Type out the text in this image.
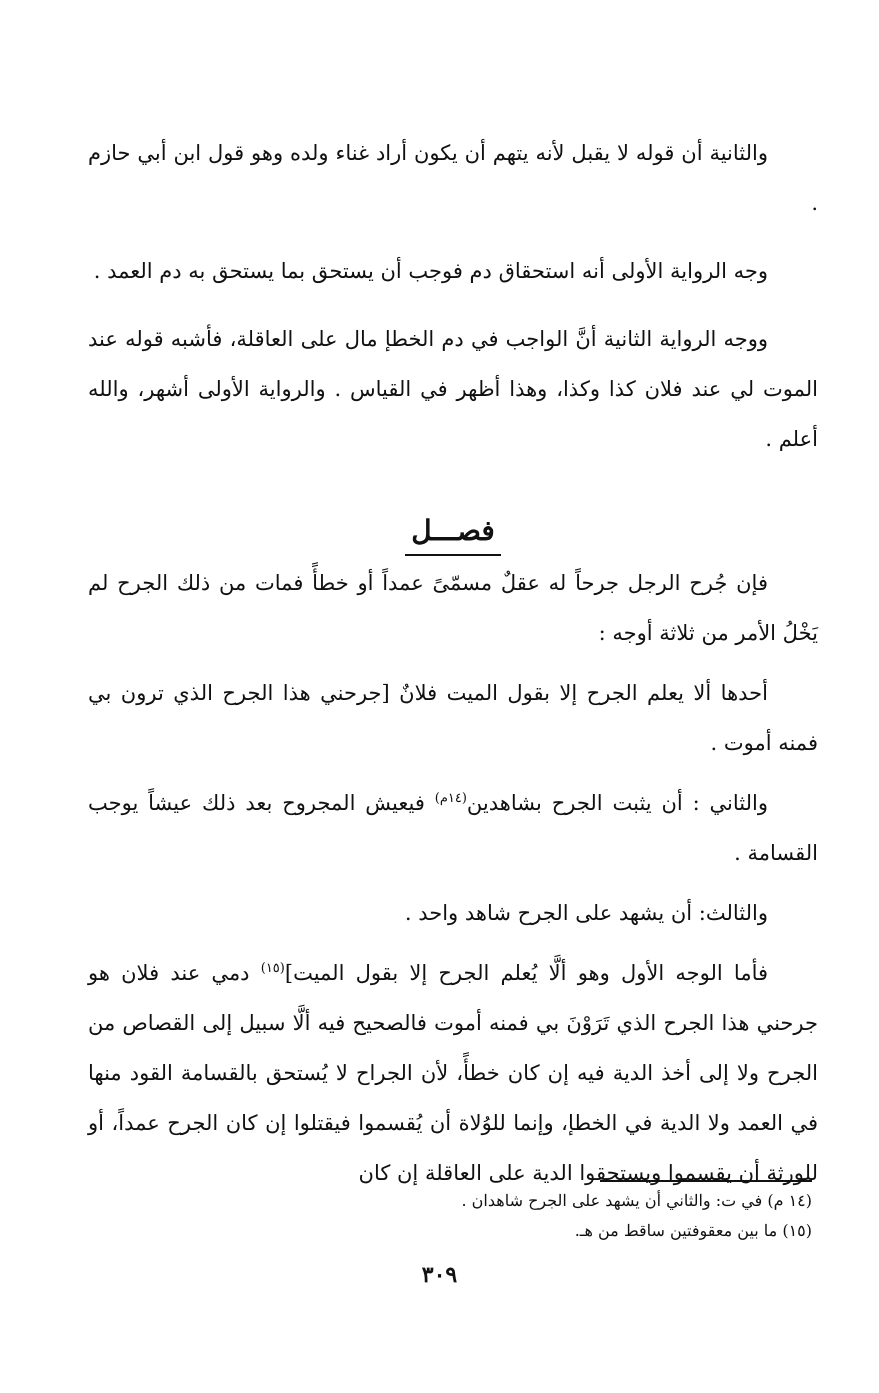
والثانية أن قوله لا يقبل لأنه يتهم أن يكون أراد غناء ولده وهو قول ابن أبي حازم .

وجه الرواية الأولى أنه استحقاق دم فوجب أن يستحق بما يستحق به دم العمد .

ووجه الرواية الثانية أنَّ الواجب في دم الخطإ مال على العاقلة، فأشبه قوله عند الموت لي عند فلان كذا وكذا، وهذا أظهر في القياس . والرواية الأولى أشهر، والله أعلم .

فصـــل

فإن جُرح الرجل جرحاً له عقلٌ مسمّىً عمداً أو خطأً فمات من ذلك الجرح لم يَخْلُ الأمر من ثلاثة أوجه :

أحدها ألا يعلم الجرح إلا بقول الميت فلانٌ [جرحني هذا الجرح الذي ترون بي فمنه أموت .

والثاني : أن يثبت الجرح بشاهدين$^{(١٤م)}$ فيعيش المجروح بعد ذلك عيشاً يوجب القسامة .

والثالث: أن يشهد على الجرح شاهد واحد .

فأما الوجه الأول وهو ألَّا يُعلم الجرح إلا بقول الميت]$^{(١٥)}$ دمي عند فلان هو جرحني هذا الجرح الذي تَرَوْنَ بي فمنه أموت فالصحيح فيه ألَّا سبيل إلى القصاص من الجرح ولا إلى أخذ الدية فيه إن كان خطأً، لأن الجراح لا يُستحق بالقسامة القود منها في العمد ولا الدية في الخطإ، وإنما للوُلاة أن يُقسموا فيقتلوا إن كان الجرح عمداً، أو للورثة أن يقسموا ويستحقوا الدية على العاقلة إن كان

(١٤ م) في ت: والثاني أن يشهد على الجرح شاهدان .

(١٥) ما بين معقوفتين ساقط من هـ.

٣٠٩
